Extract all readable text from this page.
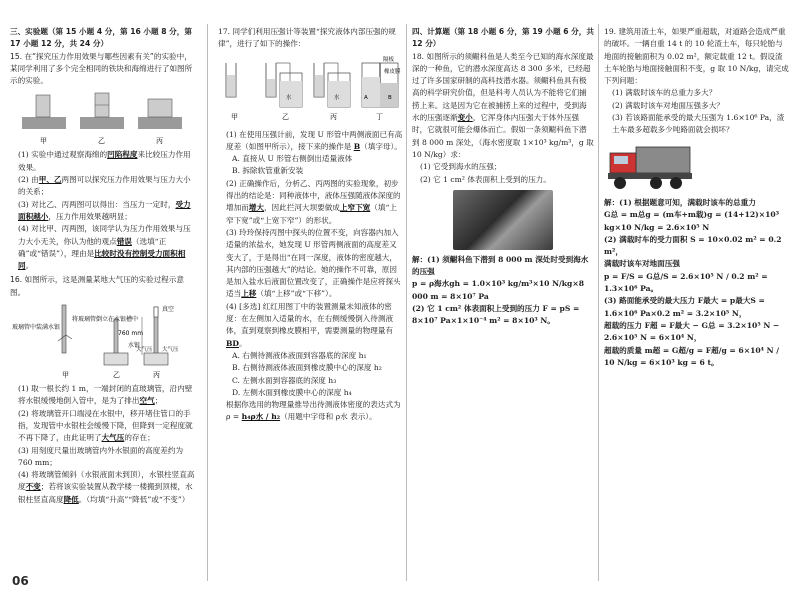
三、实验题（第 15 小题 4 分，第 16 小题 8 分，第 17 小题 12 分，共 24 分）

15. 在“探究压力作用效果与哪些因素有关”的实验中，某同学利用了多个完全相同的铁块和海绵进行了如图所示的实验。

甲	乙	丙

(1) 实验中通过观察海绵的凹陷程度来比较压力作用效果。

(2) 由甲、乙两图可以探究压力作用效果与压力大小的关系；

(3) 对比乙、丙两图可以得出：当压力一定时，受力面积越小，压力作用效果越明显；

(4) 对比甲、丙两图，该同学认为压力作用效果与压力大小无关，你认为他的观点错误（选填“正确”或“错误”），理由是比较时没有控制受力面积相同。

16. 如图所示，这是测量某地大气压的实验过程示意图。

玻璃管中装满水银
将玻璃管倒立在水银槽中
水银
真空
760 mm
大气压 大气压
甲	乙	丙

(1) 取一根长约 1 m，一端封闭的直玻璃管，沿内壁将水银缓慢地倒入管中，是为了排出空气；

(2) 将玻璃管开口端浸在水银中，移开堵住管口的手指，发现管中水银柱会缓慢下降，但降到一定程度就不再下降了，由此证明了大气压的存在；

(3) 用刻度尺量出玻璃管内外水银面的高度差约为 760 mm；

(4) 将玻璃管倾斜（水银液面未到顶），水银柱竖直高度不变；若将该实验装置从教学楼一楼搬到顶楼，水银柱竖直高度降低。（均填“升高”“降低”或“不变”）

06

17. 同学们利用压强计等装置“探究液体内部压强的规律”，进行了如下的操作：

甲	乙	丙	丁
隔板
橡皮膜
水	水	A	B

(1) 在使用压强计前，发现 U 形管中两侧液面已有高度差（如图甲所示），接下来的操作是 B（填字母）。

A. 直接从 U 形管右侧倒出适量液体

B. 拆除软管重新安装

(2) 正确操作后，分析乙、丙两图的实验现象，初步得出的结论是：同种液体中，液体压强随液体深度的增加而增大，因此拦河大坝要做成上窄下宽（填“上窄下宽”或“上宽下窄”）的形状。

(3) 玲玲保持丙图中探头的位置不变，向容器内加入适量的浓盐水，她发现 U 形管两侧液面的高度差又变大了，于是得出“在同一深度，液体的密度越大，其内部的压强越大”的结论。她的操作不可靠，原因是加入盐水后液面位置改变了，正确操作是应将探头适当上移（填“上移”或“下移”）。

(4) [多选] 红红用图丁中的装置测量未知液体的密度：在左侧加入适量的水，在右侧缓慢倒入待测液体，直到观察到橡皮膜相平，需要测量的物理量有BD。

A. 右侧待测液体液面到容器底的深度 h₁

B. 右侧待测液体液面到橡皮膜中心的深度 h₂

C. 左侧水面到容器底的深度 h₃

D. 左侧水面到橡皮膜中心的深度 h₄

根据你选用的物理量推导出待测液体密度的表达式为 ρ = h₄ρ水 / h₂（用题中字母和 ρ水 表示）。

四、计算题（第 18 小题 6 分，第 19 小题 6 分，共 12 分）

18. 如图所示的须鳚科鱼是人类至今已知的海水深度最深的一种鱼，它的潜水深度高达 8 300 多米，已经超过了许多国家研制的高科技潜水器。须鳚科鱼具有极高的科学研究价值，但是科考人员认为不能将它们捕捞上来。这是因为它在被捕捞上来的过程中，受到海水的压强逐渐变小，它浑身体内压强大于体外压强时，它就很可能会爆体而亡。假如一条须鳚科鱼下潜到 8 000 m 深处，（海水密度取 1×10³ kg/m³，g 取 10 N/kg）求：

(1) 它受到海水的压强；

(2) 它 1 cm² 体表面积上受到的压力。

解：(1) 须鳚科鱼下潜到 8 000 m 深处时受到海水的压强

p = ρ海水gh = 1.0×10³ kg/m³×10 N/kg×8 000 m = 8×10⁷ Pa

(2) 它 1 cm² 体表面积上受到的压力 F = pS = 8×10⁷ Pa×1×10⁻⁴ m² = 8×10³ N。

19. 建筑用渣土车，如果严重超载，对道路会造成严重的破坏。一辆自重 14 t 的 10 轮渣土车，每只轮胎与地面的接触面积为 0.02 m²，额定载重 12 t。假设渣土车轮胎与地面接触面积不变，g 取 10 N/kg，请完成下列问题：

(1) 满载时该车的总重力多大？

(2) 满载时该车对地面压强多大？

(3) 若该路面能承受的最大压强为 1.6×10⁶ Pa，渣土车最多超载多少吨路面就会损坏？

解：(1) 根据题意可知，满载时该车的总重力

G总 = m总g = (m车+m载)g = (14+12)×10³ kg×10 N/kg = 2.6×10⁵ N

(2) 满载时车的受力面积 S = 10×0.02 m² = 0.2 m²，

满载时该车对地面压强

p = F/S = G总/S = 2.6×10⁵ N / 0.2 m² = 1.3×10⁶ Pa。

(3) 路面能承受的最大压力 F最大 = p最大S = 1.6×10⁶ Pa×0.2 m² = 3.2×10⁵ N，

超载的压力 F超 = F最大 − G总 = 3.2×10⁵ N − 2.6×10⁵ N = 6×10⁴ N，

超载的质量 m超 = G超/g = F超/g = 6×10⁴ N / 10 N/kg = 6×10³ kg = 6 t。
